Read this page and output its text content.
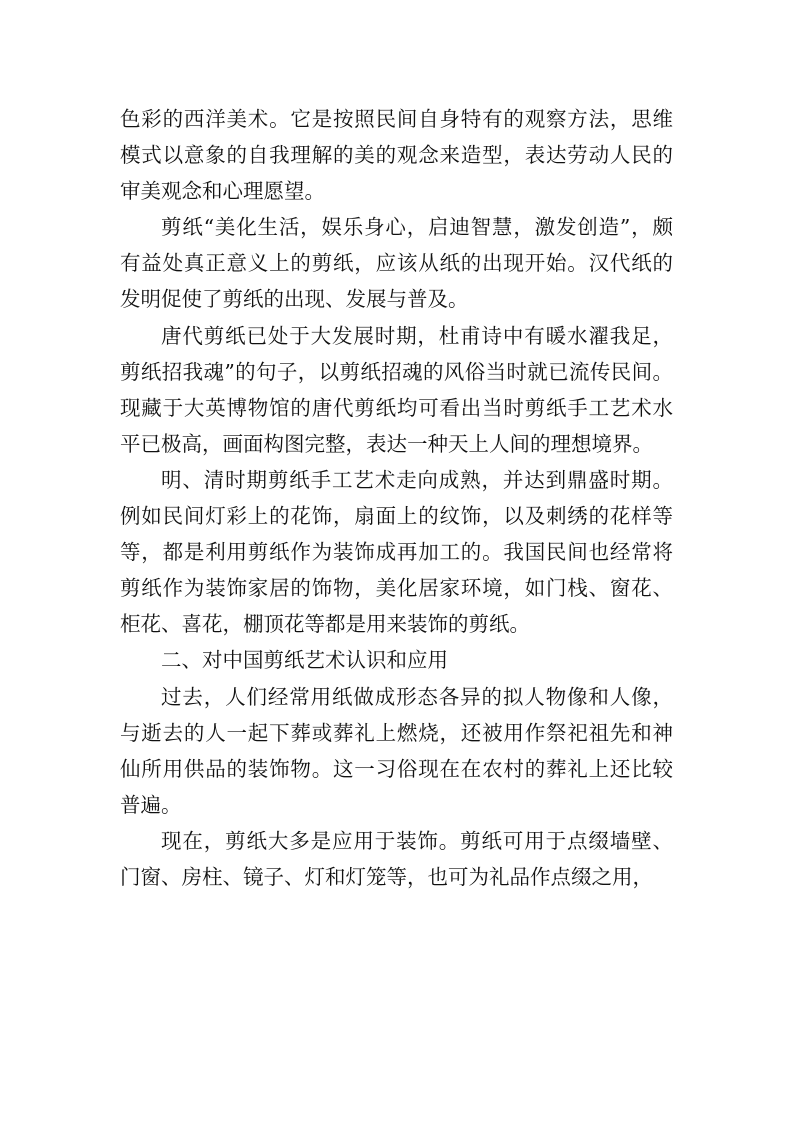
色彩的西洋美术。它是按照民间自身特有的观察方法，思维模式以意象的自我理解的美的观念来造型，表达劳动人民的审美观念和心理愿望。

剪纸“美化生活，娱乐身心，启迪智慧，激发创造”，颇有益处真正意义上的剪纸，应该从纸的出现开始。汉代纸的发明促使了剪纸的出现、发展与普及。

唐代剪纸已处于大发展时期，杜甫诗中有暖水濯我足，剪纸招我魂”的句子，以剪纸招魂的风俗当时就已流传民间。现藏于大英博物馆的唐代剪纸均可看出当时剪纸手工艺术水平已极高，画面构图完整，表达一种天上人间的理想境界。

明、清时期剪纸手工艺术走向成熟，并达到鼎盛时期。例如民间灯彩上的花饰，扇面上的纹饰，以及刺绣的花样等等，都是利用剪纸作为装饰成再加工的。我国民间也经常将剪纸作为装饰家居的饰物，美化居家环境，如门栈、窗花、柜花、喜花，棚顶花等都是用来装饰的剪纸。

二、对中国剪纸艺术认识和应用

过去，人们经常用纸做成形态各异的拟人物像和人像，与逝去的人一起下葬或葬礼上燃烧，还被用作祭祀祖先和神仙所用供品的装饰物。这一习俗现在在农村的葬礼上还比较普遍。

现在，剪纸大多是应用于装饰。剪纸可用于点缀墙壁、门窗、房柱、镜子、灯和灯笼等，也可为礼品作点缀之用，
